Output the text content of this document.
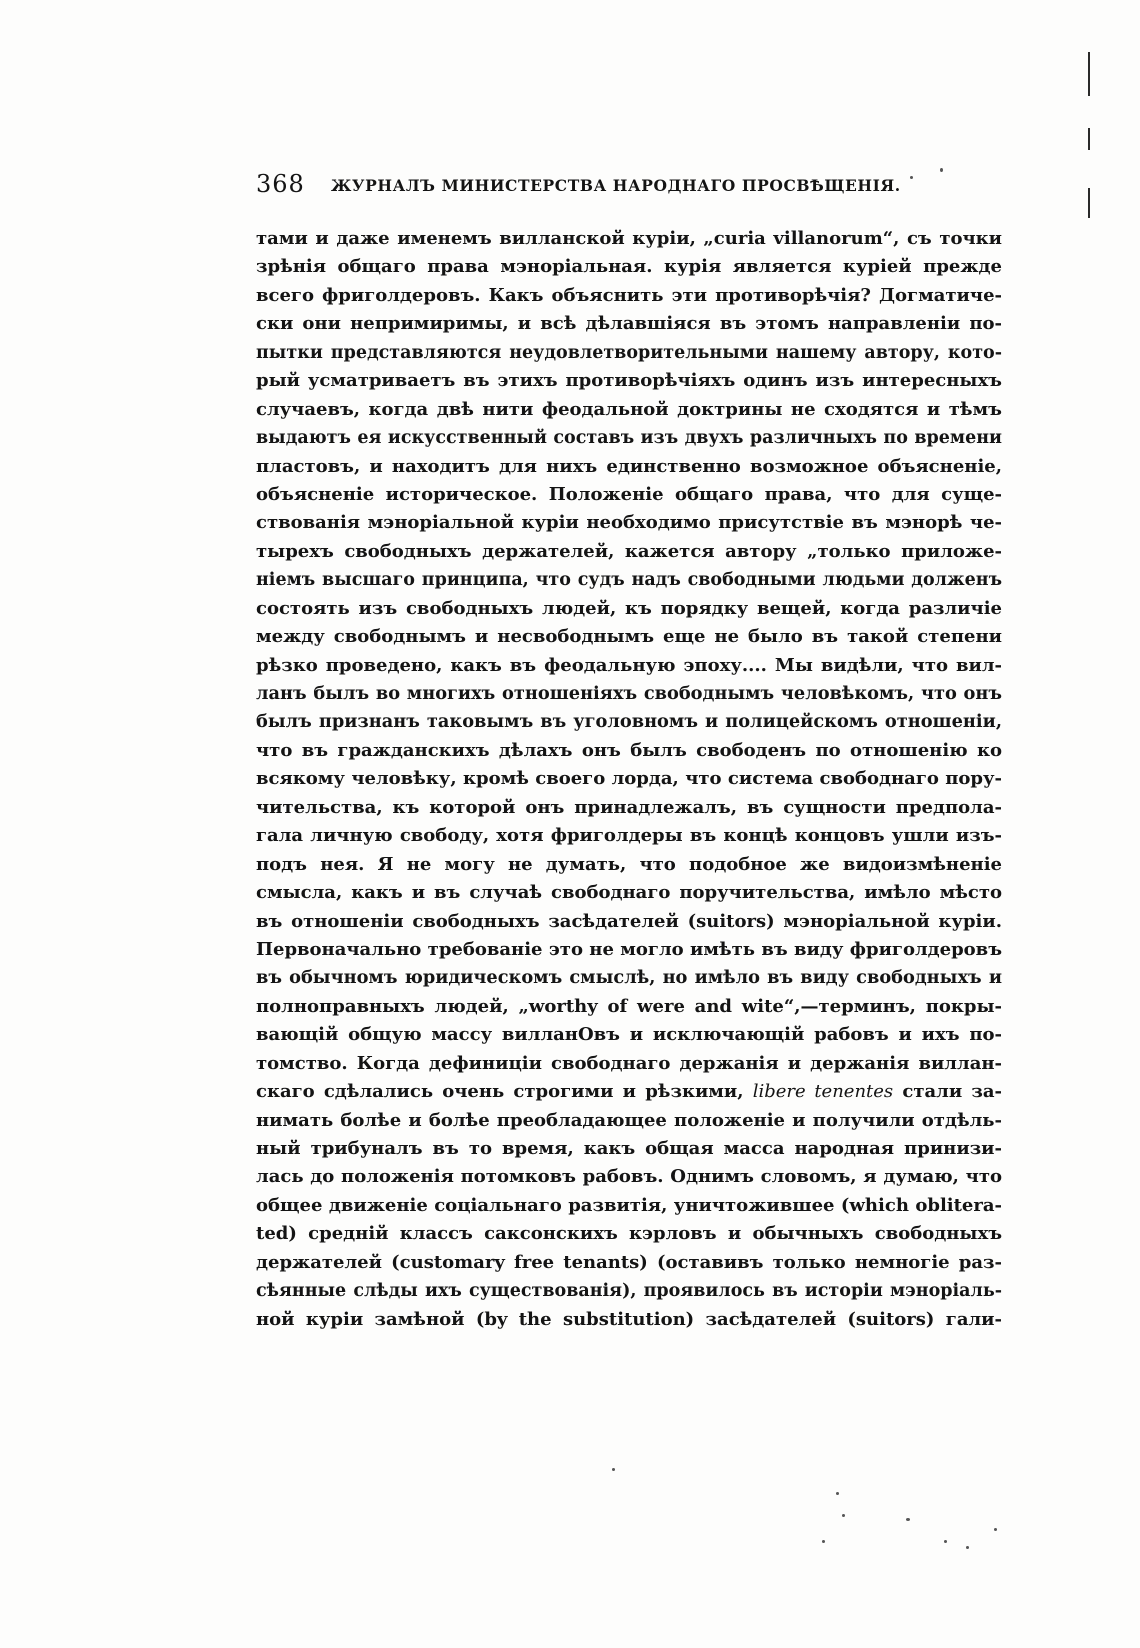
368 ЖУРНАЛЪ МИНИСТЕРСТВА НАРОДНАГО ПРОСВѢЩЕНІЯ.
тами и даже именемъ вилланской куріи, „curia villanorum“, съ точки
зрѣнія общаго права мэноріальная. курія является куріей прежде
всего фриголдеровъ. Какъ объяснить эти противорѣчія? Догматиче-
ски они непримиримы, и всѣ дѣлавшіяся въ этомъ направленіи по-
пытки представляются неудовлетворительными нашему автору, кото-
рый усматриваетъ въ этихъ противорѣчіяхъ одинъ изъ интересныхъ
случаевъ, когда двѣ нити феодальной доктрины не сходятся и тѣмъ
выдаютъ ея искусственный составъ изъ двухъ различныхъ по времени
пластовъ, и находитъ для нихъ единственно возможное объясненіе,
объясненіе историческое. Положеніе общаго права, что для суще-
ствованія мэноріальной куріи необходимо присутствіе въ мэнорѣ че-
тырехъ свободныхъ держателей, кажется автору „только приложе-
ніемъ высшаго принципа, что судъ надъ свободными людьми долженъ
состоять изъ свободныхъ людей, къ порядку вещей, когда различіе
между свободнымъ и несвободнымъ еще не было въ такой степени
рѣзко проведено, какъ въ феодальную эпоху.... Мы видѣли, что вил-
ланъ былъ во многихъ отношеніяхъ свободнымъ человѣкомъ, что онъ
былъ признанъ таковымъ въ уголовномъ и полицейскомъ отношеніи,
что въ гражданскихъ дѣлахъ онъ былъ свободенъ по отношенію ко
всякому человѣку, кромѣ своего лорда, что система свободнаго пору-
чительства, къ которой онъ принадлежалъ, въ сущности предпола-
гала личную свободу, хотя фриголдеры въ концѣ концовъ ушли изъ-
подъ нея. Я не могу не думать, что подобное же видоизмѣненіе
смысла, какъ и въ случаѣ свободнаго поручительства, имѣло мѣсто
въ отношеніи свободныхъ засѣдателей (suitors) мэноріальной куріи.
Первоначально требованіе это не могло имѣть въ виду фриголдеровъ
въ обычномъ юридическомъ смыслѣ, но имѣло въ виду свободныхъ и
полноправныхъ людей, „worthy of were and wite“,—терминъ, покры-
вающій общую массу вилланОвъ и исключающій рабовъ и ихъ по-
томство. Когда дефиниціи свободнаго держанія и держанія виллан-
скаго сдѣлались очень строгими и рѣзкими, libere tenentes стали за-
нимать болѣе и болѣе преобладающее положеніе и получили отдѣль-
ный трибуналъ въ то время, какъ общая масса народная принизи-
лась до положенія потомковъ рабовъ. Однимъ словомъ, я думаю, что
общее движеніе соціальнаго развитія, уничтожившее (which oblitera-
ted) средній классъ саксонскихъ кэрловъ и обычныхъ свободныхъ
держателей (customary free tenants) (оставивъ только немногіе раз-
сѣянные слѣды ихъ существованія), проявилось въ исторіи мэноріаль-
ной куріи замѣной (by the substitution) засѣдателей (suitors) гали-
